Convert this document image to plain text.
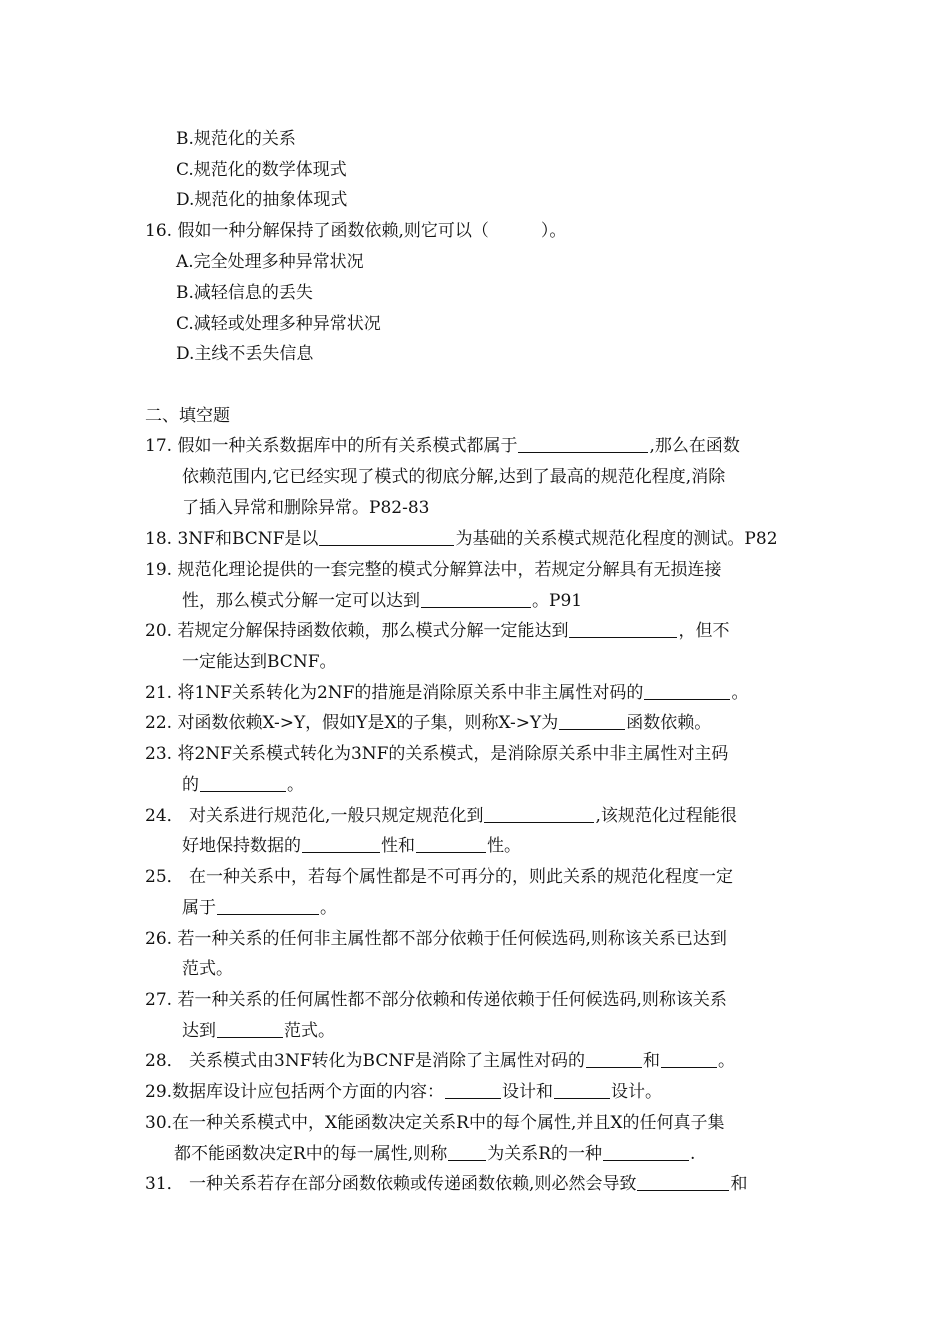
B.规范化的关系
C.规范化的数学体现式
D.规范化的抽象体现式
16. 假如一种分解保持了函数依赖,则它可以（	）。
A.完全处理多种异常状况
B.减轻信息的丢失
C.减轻或处理多种异常状况
D.主线不丢失信息
二、填空题
17. 假如一种关系数据库中的所有关系模式都属于	,那么在函数
依赖范围内,它已经实现了模式的彻底分解,达到了最高的规范化程度,消除
了插入异常和删除异常。P82-83
18. 3NF和BCNF是以	为基础的关系模式规范化程度的测试。P82
19. 规范化理论提供的一套完整的模式分解算法中，若规定分解具有无损连接
性，那么模式分解一定可以达到	。P91
20. 若规定分解保持函数依赖，那么模式分解一定能达到	，但不
一定能达到BCNF。
21. 将1NF关系转化为2NF的措施是消除原关系中非主属性对码的	。
22. 对函数依赖X->Y，假如Y是X的子集，则称X->Y为	函数依赖。
23. 将2NF关系模式转化为3NF的关系模式，是消除原关系中非主属性对主码
的	。
24． 对关系进行规范化,一般只规定规范化到	,该规范化过程能很
好地保持数据的	性和	性。
25． 在一种关系中，若每个属性都是不可再分的，则此关系的规范化程度一定
属于	。
26. 若一种关系的任何非主属性都不部分依赖于任何候选码,则称该关系已达到
范式。
27. 若一种关系的任何属性都不部分依赖和传递依赖于任何候选码,则称该关系
达到	范式。
28． 关系模式由3NF转化为BCNF是消除了主属性对码的	和	。
29.数据库设计应包括两个方面的内容：	设计和	设计。
30.在一种关系模式中，X能函数决定关系R中的每个属性,并且X的任何真子集
都不能函数决定R中的每一属性,则称 为关系R的一种	.
31． 一种关系若存在部分函数依赖或传递函数依赖,则必然会导致	和
